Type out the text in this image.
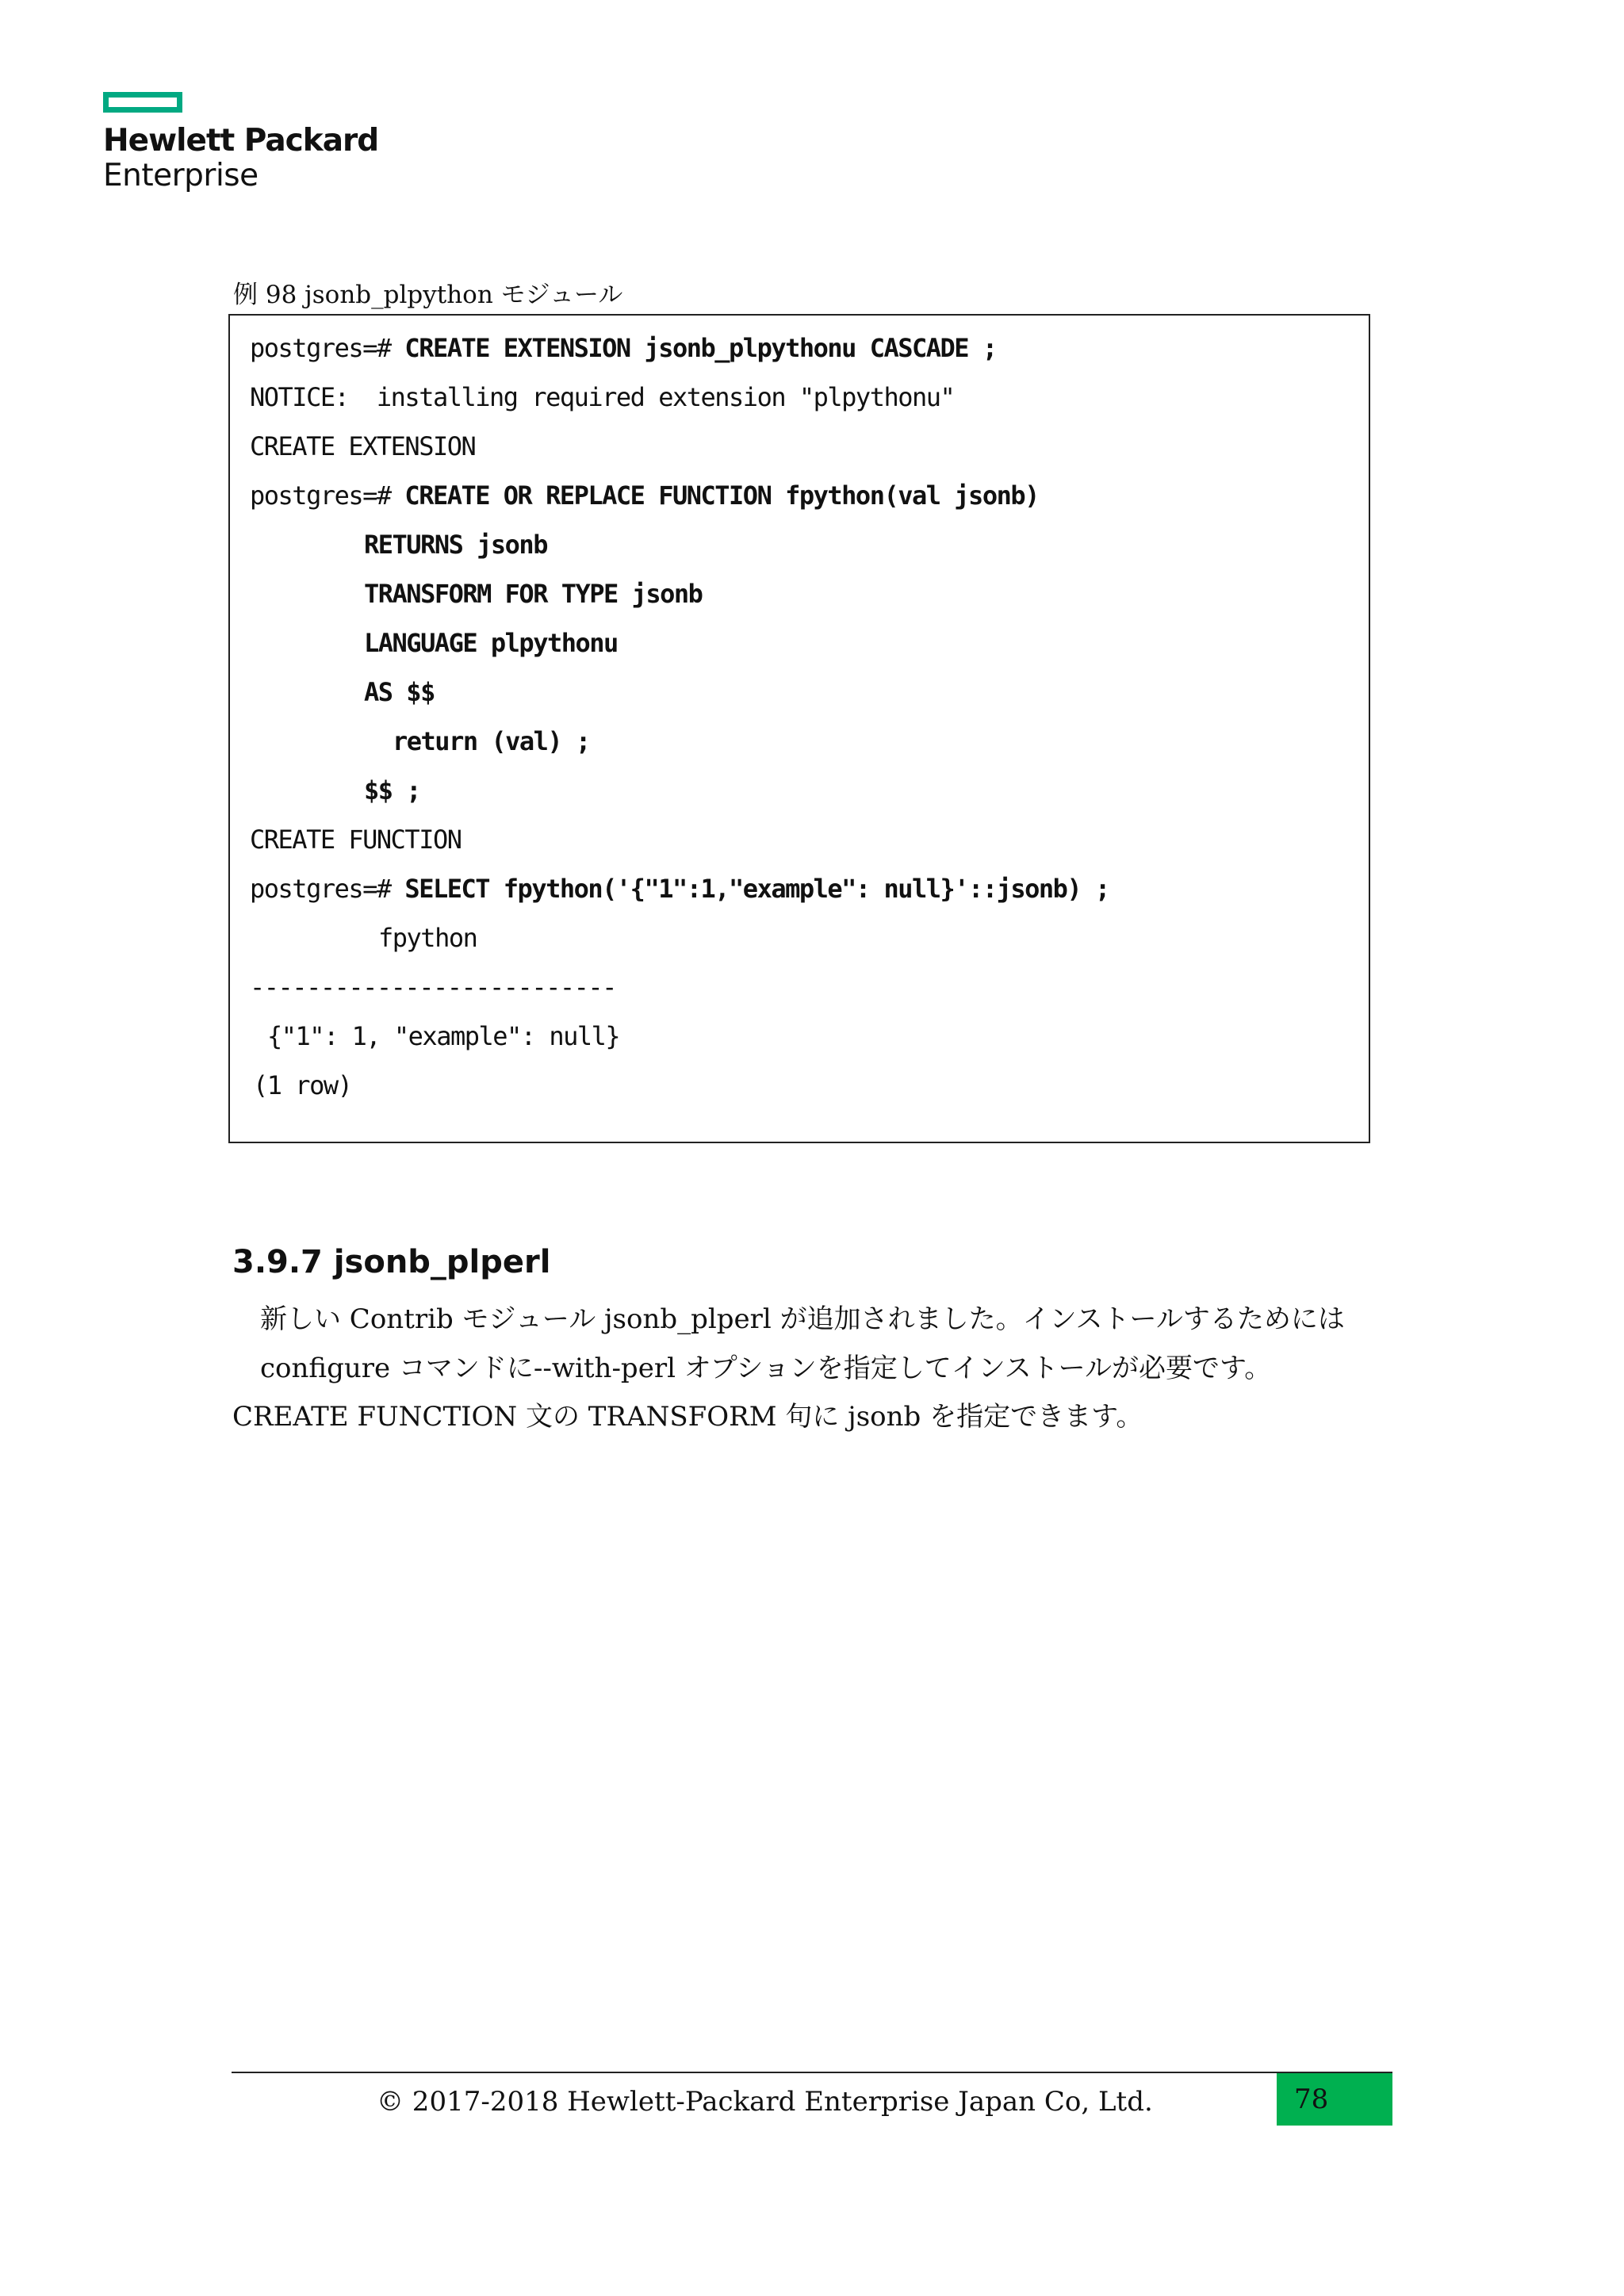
Hewlett Packard
Enterprise
例 98 jsonb_plpython モジュール
postgres=# CREATE EXTENSION jsonb_plpythonu CASCADE ;
NOTICE:  installing required extension "plpythonu"
CREATE EXTENSION
postgres=# CREATE OR REPLACE FUNCTION fpython(val jsonb)
RETURNS jsonb
TRANSFORM FOR TYPE jsonb
LANGUAGE plpythonu
AS $$
return (val) ;
$$ ;
CREATE FUNCTION
postgres=# SELECT fpython('{"1":1,"example": null}'::jsonb) ;
fpython
--------------------------
{"1": 1, "example": null}
(1 row)
3.9.7 jsonb_plperl
新しい Contrib モジュール jsonb_plperl が追加されました。インストールするためには
configure コマンドに--with-perl オプションを指定してインストールが必要です。
CREATE FUNCTION 文の TRANSFORM 句に jsonb を指定できます。
© 2017-2018 Hewlett-Packard Enterprise Japan Co, Ltd.	78
